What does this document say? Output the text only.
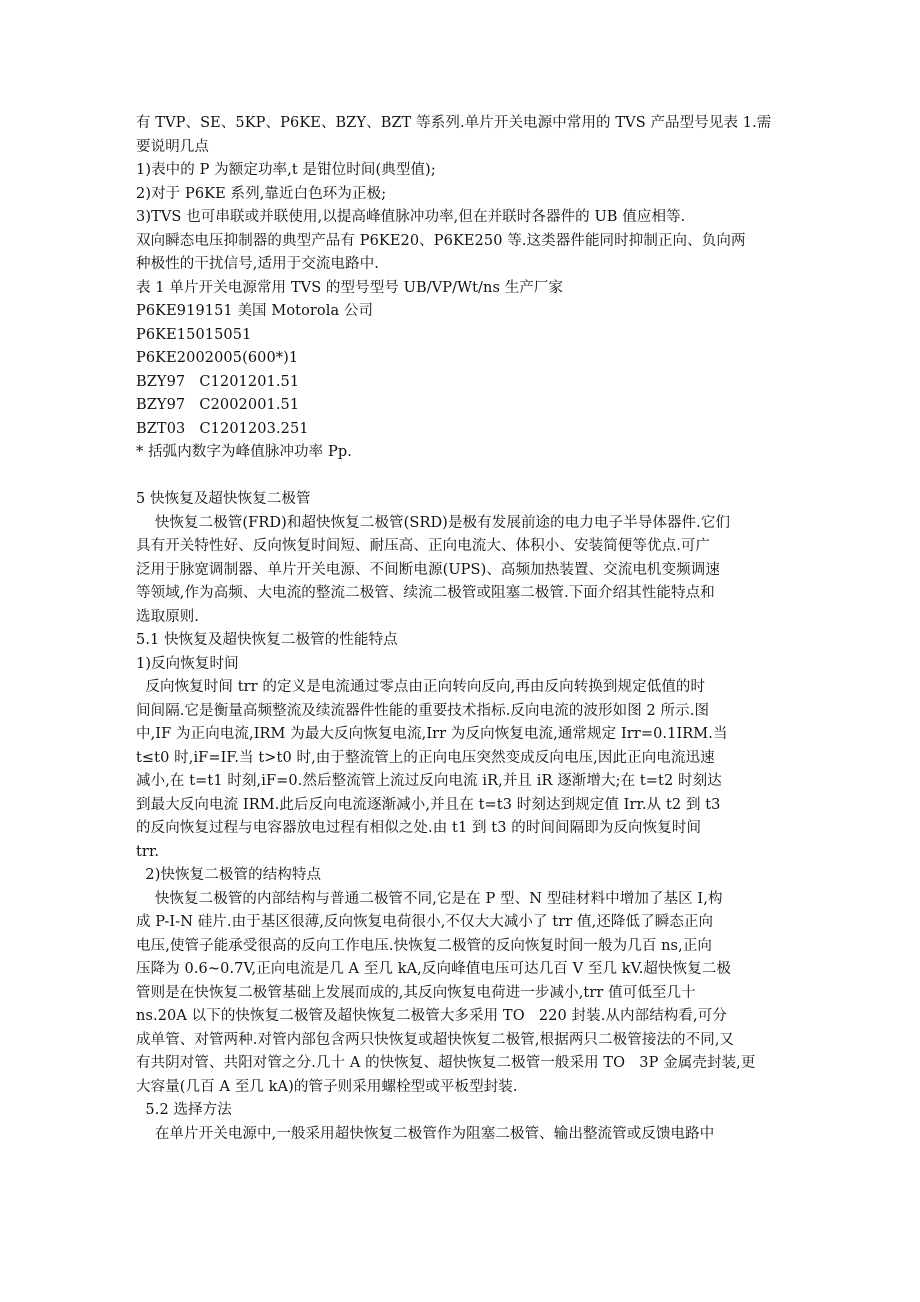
有 TVP、SE、5KP、P6KE、BZY、BZT 等系列.单片开关电源中常用的 TVS 产品型号见表 1.需
要说明几点
1)表中的 P 为额定功率,t 是钳位时间(典型值);
2)对于 P6KE 系列,靠近白色环为正极;
3)TVS 也可串联或并联使用,以提高峰值脉冲功率,但在并联时各器件的 UB 值应相等.
双向瞬态电压抑制器的典型产品有 P6KE20、P6KE250 等.这类器件能同时抑制正向、负向两
种极性的干扰信号,适用于交流电路中.
表 1 单片开关电源常用 TVS 的型号型号 UB/VP/Wt/ns 生产厂家
P6KE919151 美国 Motorola 公司
P6KE15015051
P6KE2002005(600*)1
BZY97   C1201201.51
BZY97   C2002001.51
BZT03   C1201203.251
* 括弧内数字为峰值脉冲功率 Pp.
5 快恢复及超快恢复二极管
快恢复二极管(FRD)和超快恢复二极管(SRD)是极有发展前途的电力电子半导体器件.它们
具有开关特性好、反向恢复时间短、耐压高、正向电流大、体积小、安装简便等优点.可广
泛用于脉宽调制器、单片开关电源、不间断电源(UPS)、高频加热装置、交流电机变频调速
等领域,作为高频、大电流的整流二极管、续流二极管或阻塞二极管.下面介绍其性能特点和
选取原则.
5.1 快恢复及超快恢复二极管的性能特点
1)反向恢复时间
反向恢复时间 trr 的定义是电流通过零点由正向转向反向,再由反向转换到规定低值的时
间间隔.它是衡量高频整流及续流器件性能的重要技术指标.反向电流的波形如图 2 所示.图
中,IF 为正向电流,IRM 为最大反向恢复电流,Irr 为反向恢复电流,通常规定 Irr=0.1IRM.当
t≤t0 时,iF=IF.当 t>t0 时,由于整流管上的正向电压突然变成反向电压,因此正向电流迅速
减小,在 t=t1 时刻,iF=0.然后整流管上流过反向电流 iR,并且 iR 逐渐增大;在 t=t2 时刻达
到最大反向电流 IRM.此后反向电流逐渐减小,并且在 t=t3 时刻达到规定值 Irr.从 t2 到 t3
的反向恢复过程与电容器放电过程有相似之处.由 t1 到 t3 的时间间隔即为反向恢复时间
trr.
2)快恢复二极管的结构特点
快恢复二极管的内部结构与普通二极管不同,它是在 P 型、N 型硅材料中增加了基区 I,构
成 P-I-N 硅片.由于基区很薄,反向恢复电荷很小,不仅大大减小了 trr 值,还降低了瞬态正向
电压,使管子能承受很高的反向工作电压.快恢复二极管的反向恢复时间一般为几百 ns,正向
压降为 0.6~0.7V,正向电流是几 A 至几 kA,反向峰值电压可达几百 V 至几 kV.超快恢复二极
管则是在快恢复二极管基础上发展而成的,其反向恢复电荷进一步减小,trr 值可低至几十
ns.20A 以下的快恢复二极管及超快恢复二极管大多采用 TO   220 封装.从内部结构看,可分
成单管、对管两种.对管内部包含两只快恢复或超快恢复二极管,根据两只二极管接法的不同,又
有共阴对管、共阳对管之分.几十 A 的快恢复、超快恢复二极管一般采用 TO   3P 金属壳封装,更
大容量(几百 A 至几 kA)的管子则采用螺栓型或平板型封装.
5.2 选择方法
在单片开关电源中,一般采用超快恢复二极管作为阻塞二极管、输出整流管或反馈电路中
